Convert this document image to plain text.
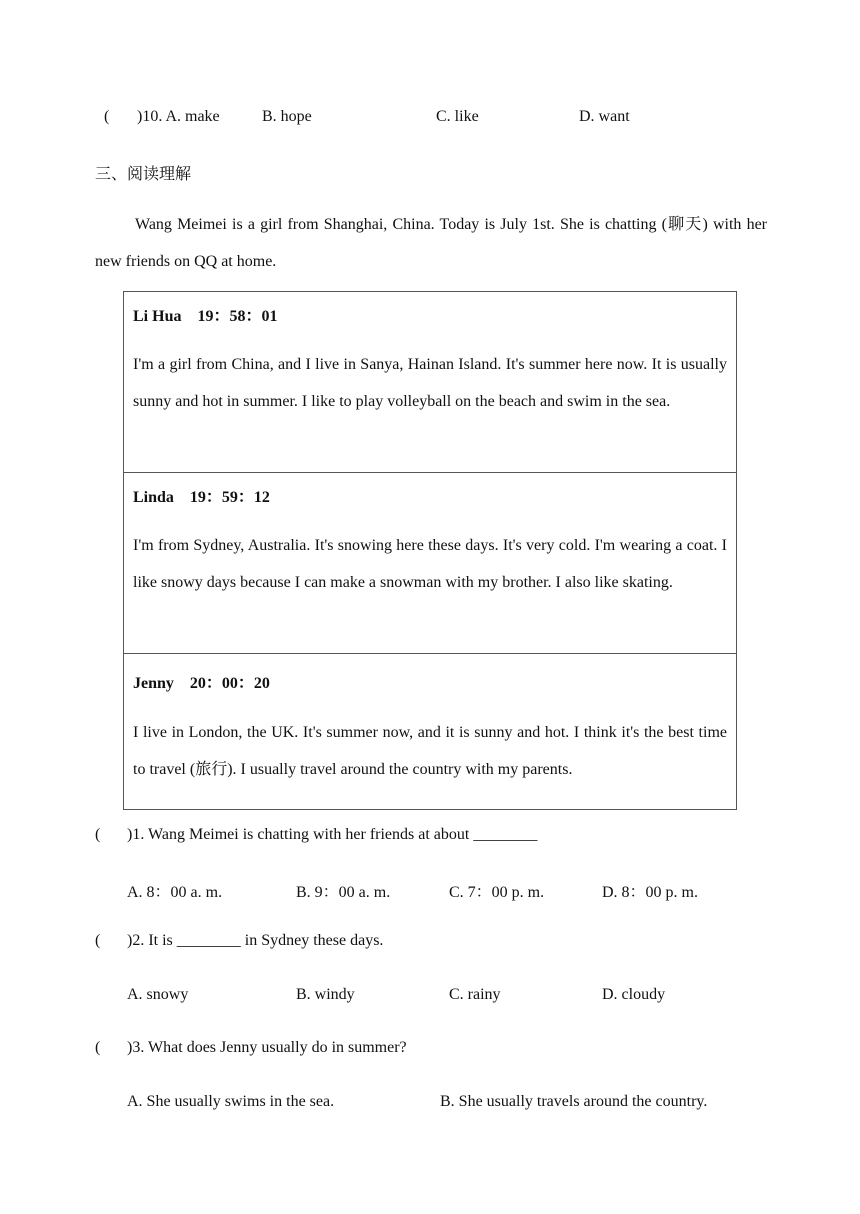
( )10. A. make	B. hope	C. like	D. want
三、阅读理解
Wang Meimei is a girl from Shanghai, China. Today is July 1st. She is chatting (聊天) with her new friends on QQ at home.
Li Hua 19：58：01
I'm a girl from China, and I live in Sanya, Hainan Island. It's summer here now. It is usually sunny and hot in summer. I like to play volleyball on the beach and swim in the sea.
Linda 19：59：12
I'm from Sydney, Australia. It's snowing here these days. It's very cold. I'm wearing a coat. I like snowy days because I can make a snowman with my brother. I also like skating.
Jenny 20：00：20
I live in London, the UK. It's summer now, and it is sunny and hot. I think it's the best time to travel (旅行). I usually travel around the country with my parents.
( )1. Wang Meimei is chatting with her friends at about ________
A. 8：00 a. m.	B. 9：00 a. m.	C. 7：00 p. m.	D. 8：00 p. m.
( )2. It is ________ in Sydney these days.
A. snowy	B. windy	C. rainy	D. cloudy
( )3. What does Jenny usually do in summer?
A. She usually swims in the sea.	B. She usually travels around the country.
